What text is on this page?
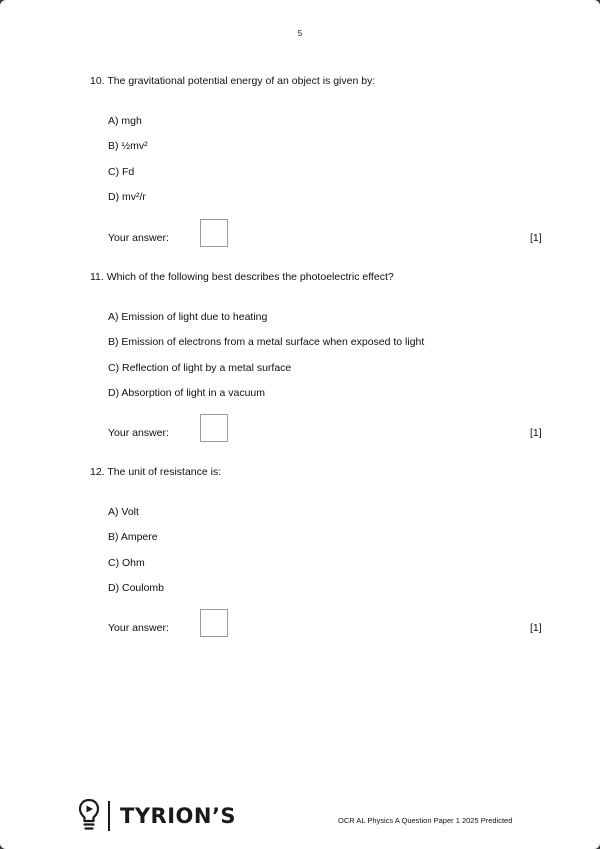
5
10. The gravitational potential energy of an object is given by:
A) mgh
B) ½mv²
C) Fd
D) mv²/r
Your answer:	[1]
11. Which of the following best describes the photoelectric effect?
A) Emission of light due to heating
B) Emission of electrons from a metal surface when exposed to light
C) Reflection of light by a metal surface
D) Absorption of light in a vacuum
Your answer:	[1]
12. The unit of resistance is:
A) Volt
B) Ampere
C) Ohm
D) Coulomb
Your answer:	[1]
TYRION’S	OCR AL Physics A Question Paper 1 2025 Predicted
